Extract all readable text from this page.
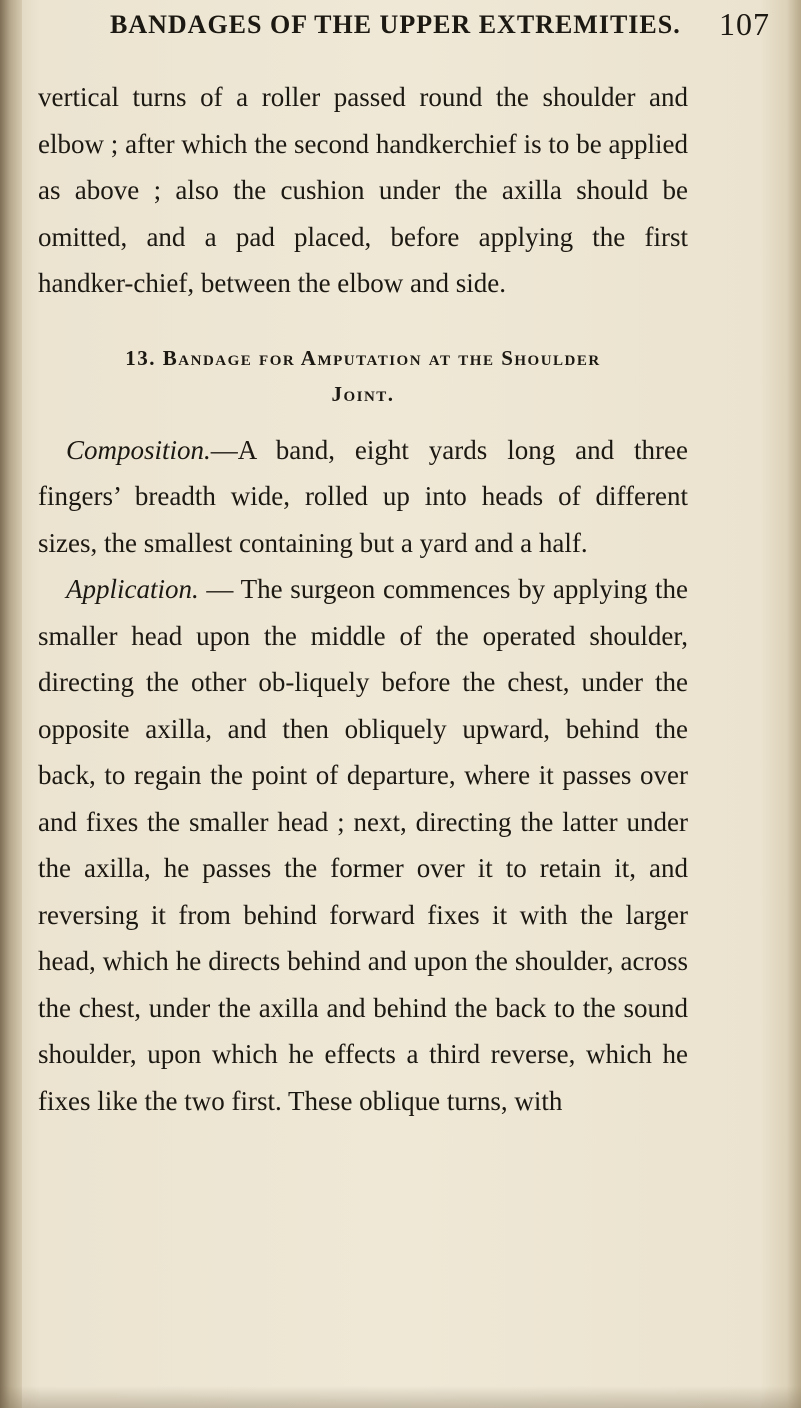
BANDAGES OF THE UPPER EXTREMITIES. 107

vertical turns of a roller passed round the shoulder and elbow ; after which the second handkerchief is to be applied as above ; also the cushion under the axilla should be omitted, and a pad placed, before applying the first handker-chief, between the elbow and side.

13. Bandage for Amputation at the Shoulder
Joint.

Composition.—A band, eight yards long and three fingers’ breadth wide, rolled up into heads of different sizes, the smallest containing but a yard and a half.

Application. — The surgeon commences by applying the smaller head upon the middle of the operated shoulder, directing the other ob-liquely before the chest, under the opposite axilla, and then obliquely upward, behind the back, to regain the point of departure, where it passes over and fixes the smaller head ; next, directing the latter under the axilla, he passes the former over it to retain it, and reversing it from behind forward fixes it with the larger head, which he directs behind and upon the shoulder, across the chest, under the axilla and behind the back to the sound shoulder, upon which he effects a third reverse, which he fixes like the two first. These oblique turns, with
